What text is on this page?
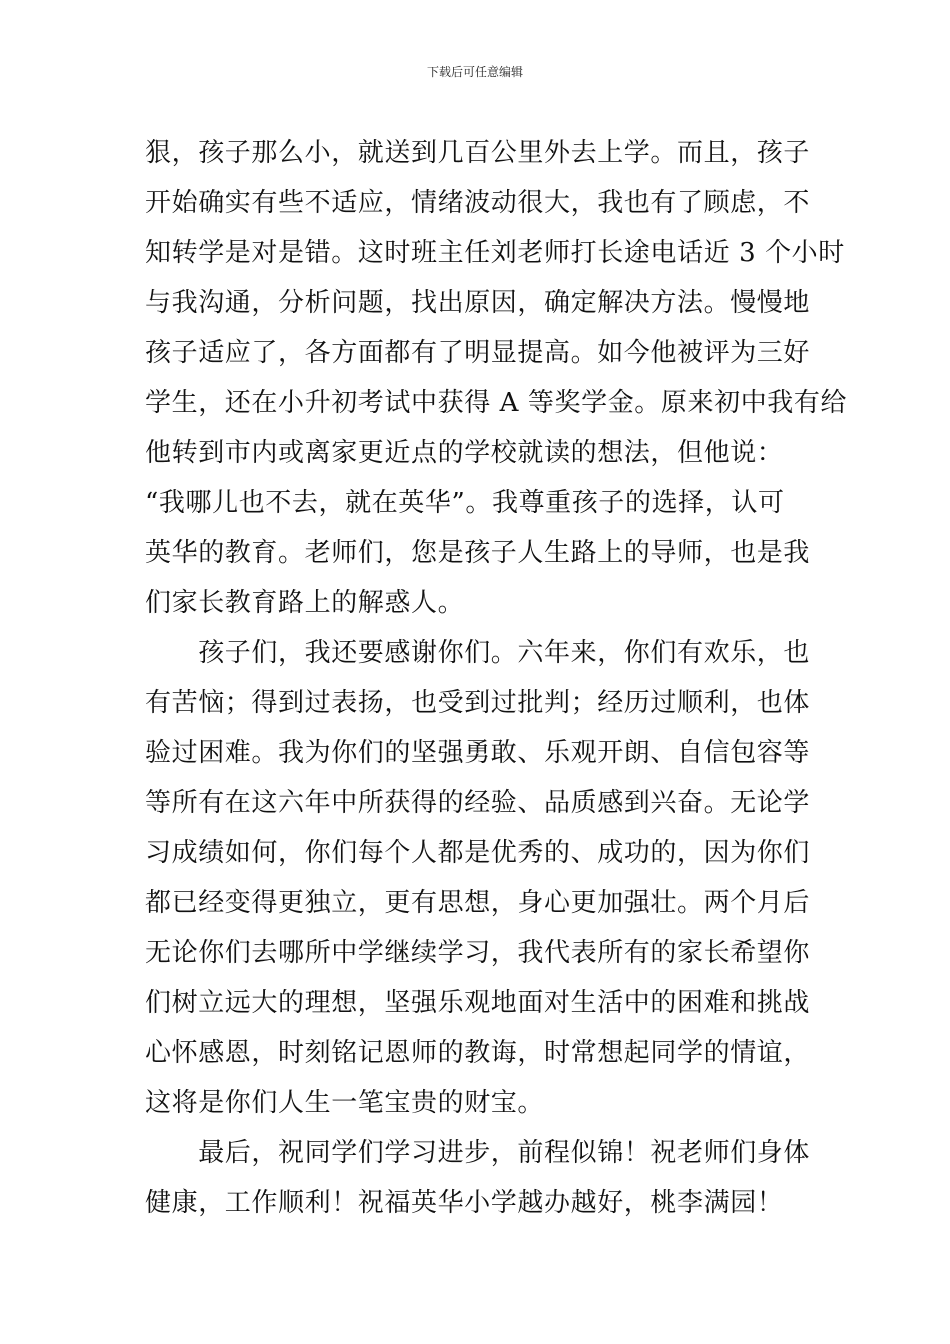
下载后可任意编辑
狠，孩子那么小，就送到几百公里外去上学。而且，孩子
开始确实有些不适应，情绪波动很大，我也有了顾虑，不
知转学是对是错。这时班主任刘老师打长途电话近 3 个小时
与我沟通，分析问题，找出原因，确定解决方法。慢慢地
孩子适应了，各方面都有了明显提高。如今他被评为三好
学生，还在小升初考试中获得 A 等奖学金。原来初中我有给
他转到市内或离家更近点的学校就读的想法，但他说：
“我哪儿也不去，就在英华”。我尊重孩子的选择，认可
英华的教育。老师们，您是孩子人生路上的导师，也是我
们家长教育路上的解惑人。
　　孩子们，我还要感谢你们。六年来，你们有欢乐，也
有苦恼；得到过表扬，也受到过批判；经历过顺利，也体
验过困难。我为你们的坚强勇敢、乐观开朗、自信包容等
等所有在这六年中所获得的经验、品质感到兴奋。无论学
习成绩如何，你们每个人都是优秀的、成功的，因为你们
都已经变得更独立，更有思想，身心更加强壮。两个月后
无论你们去哪所中学继续学习，我代表所有的家长希望你
们树立远大的理想，坚强乐观地面对生活中的困难和挑战
心怀感恩，时刻铭记恩师的教诲，时常想起同学的情谊，
这将是你们人生一笔宝贵的财宝。
　　最后，祝同学们学习进步，前程似锦！祝老师们身体
健康，工作顺利！祝福英华小学越办越好，桃李满园！
